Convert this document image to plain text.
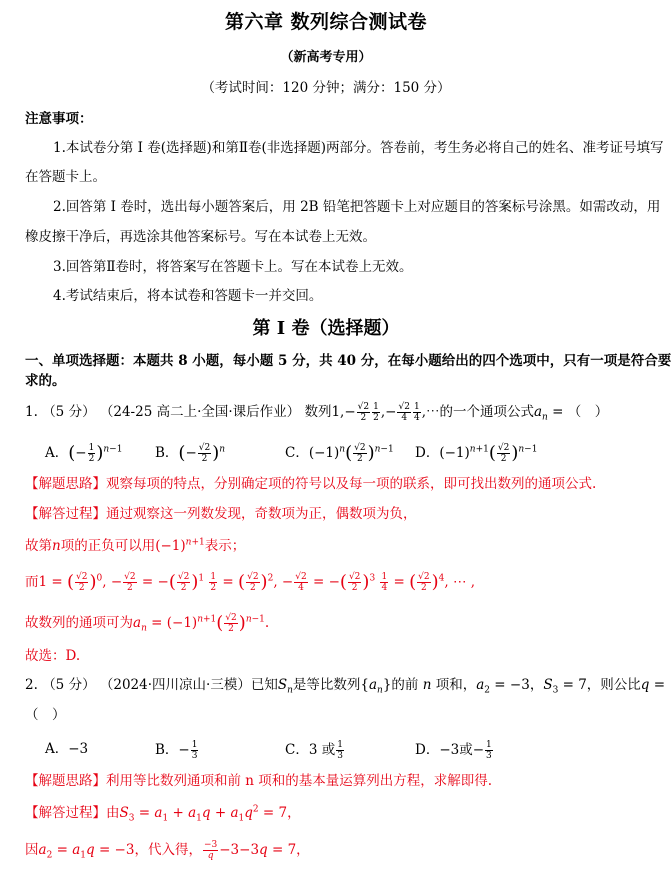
第六章 数列综合测试卷
（新高考专用）
（考试时间：120 分钟；满分：150 分）
注意事项：
1.本试卷分第 I 卷(选择题)和第Ⅱ卷(非选择题)两部分。答卷前，考生务必将自己的姓名、准考证号填写
在答题卡上。
2.回答第 I 卷时，选出每小题答案后，用 2B 铅笔把答题卡上对应题目的答案标号涂黑。如需改动，用
橡皮擦干净后，再选涂其他答案标号。写在本试卷上无效。
3.回答第Ⅱ卷时，将答案写在答题卡上。写在本试卷上无效。
4.考试结束后，将本试卷和答题卡一并交回。
第 I 卷（选择题）
一、单项选择题：本题共 8 小题，每小题 5 分，共 40 分，在每小题给出的四个选项中，只有一项是符合要
求的。
1. （5 分） （24-25 高二上·全国·课后作业） 数列$1,- \frac{√2}{2} \frac{1}{2}$ ,− $\frac{√2}{4} \frac{1}{4}$ ,⋯的一个通项公式$a_n$ = （　）
A．(− $\frac{1}{2} )^{n-1}$ B．(− $\frac{√2}{2} )^n$	C．$(-1)^n( \frac{√2}{2} )^{n-1}$ D．$(-1)^{n+1}( \frac{√2}{2} )^{n-1}$
【解题思路】观察每项的特点，分别确定项的符号以及每一项的联系，即可找出数列的通项公式.
【解答过程】通过观察这一列数发现，奇数项为正，偶数项为负，
故第n项的正负可以用$(-1)^{n+1}$表示；
而1 = ( $\frac{√2}{2} )^0$, − $\frac{√2}{2}$ = −( $\frac{√2}{2} )^1 \frac{1}{2}$ = ( $\frac{√2}{2} )^2$, − $\frac{√2}{4}$ = −( $\frac{√2}{2} )^3 \frac{1}{4}$ = ( $\frac{√2}{2} )^4$, ⋯ ,
故数列的通项可为$a_n = (-1)^{n+1}( \frac{√2}{2} )^{n-1}$.
故选：D.
2. （5 分） （2024·四川凉山·三模）已知$S_n$是等比数列$\{a_n\}$的前 n 项和，$a_2 = -3$，$S_3 = 7$，则公比q =
（　）
A．−3	B．− $\frac{1}{3}$	C．3 或 $\frac{1}{3}$	D．−3或− $\frac{1}{3}$
【解题思路】利用等比数列通项和前 n 项和的基本量运算列出方程，求解即得.
【解答过程】由$S_3 = a_1 + a_1q + a_1q^2 = 7$，
因$a_2 = a_1q = -3$，代入得， $\frac{-3}{q} -3-3q = 7$，
